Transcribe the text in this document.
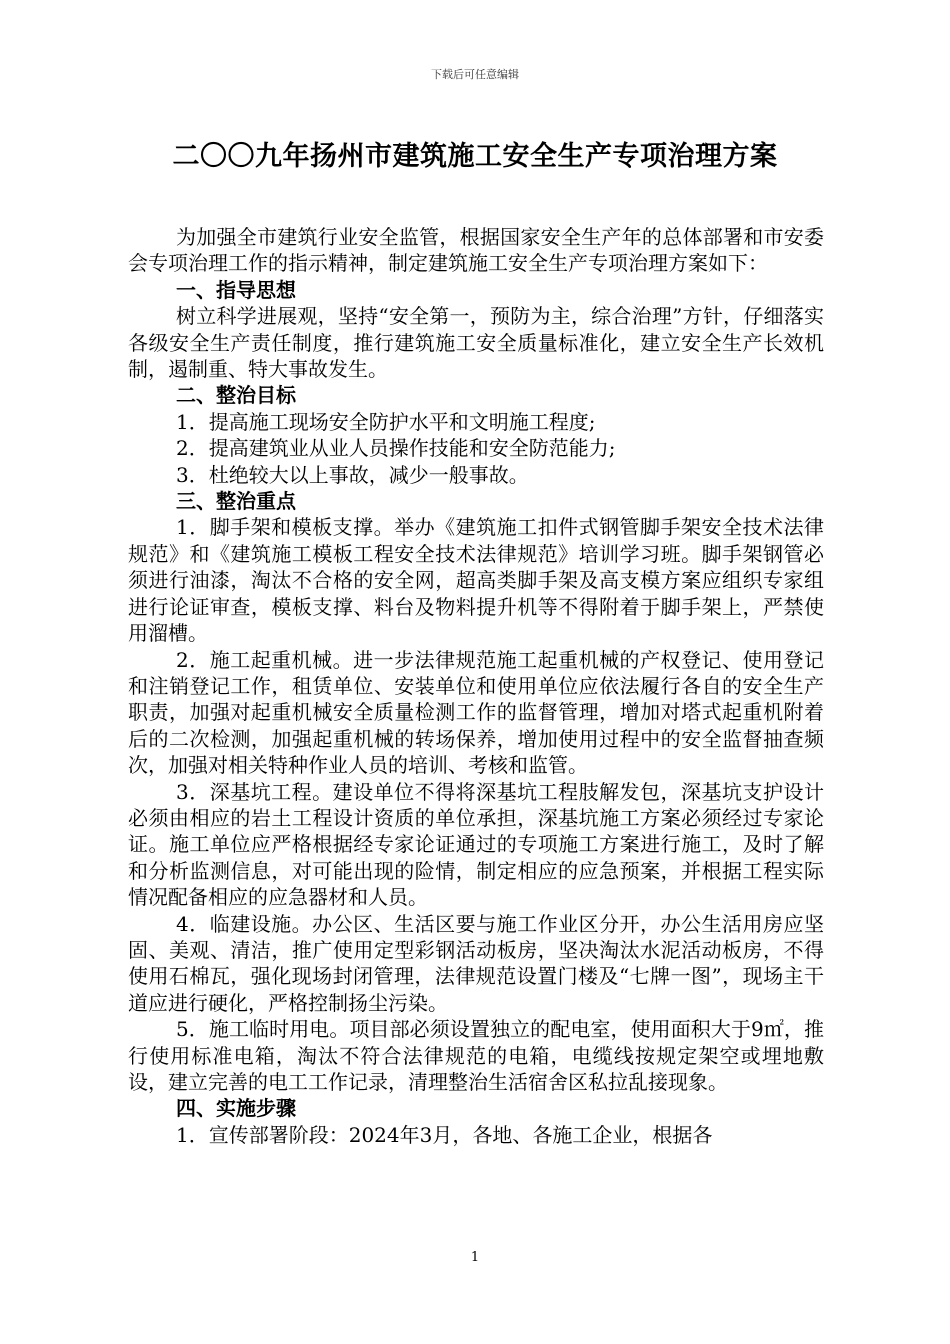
下载后可任意编辑
二〇〇九年扬州市建筑施工安全生产专项治理方案

为加强全市建筑行业安全监管，根据国家安全生产年的总体部署和市安委会专项治理工作的指示精神，制定建筑施工安全生产专项治理方案如下：

一、指导思想

树立科学进展观，坚持“安全第一，预防为主，综合治理”方针，仔细落实各级安全生产责任制度，推行建筑施工安全质量标准化，建立安全生产长效机制，遏制重、特大事故发生。

二、整治目标

1．提高施工现场安全防护水平和文明施工程度;

2．提高建筑业从业人员操作技能和安全防范能力;

3．杜绝较大以上事故，减少一般事故。

三、整治重点

1．脚手架和模板支撑。举办《建筑施工扣件式钢管脚手架安全技术法律规范》和《建筑施工模板工程安全技术法律规范》培训学习班。脚手架钢管必须进行油漆，淘汰不合格的安全网，超高类脚手架及高支模方案应组织专家组进行论证审查，模板支撑、料台及物料提升机等不得附着于脚手架上，严禁使用溜槽。

2．施工起重机械。进一步法律规范施工起重机械的产权登记、使用登记和注销登记工作，租赁单位、安装单位和使用单位应依法履行各自的安全生产职责，加强对起重机械安全质量检测工作的监督管理，增加对塔式起重机附着后的二次检测，加强起重机械的转场保养，增加使用过程中的安全监督抽查频次，加强对相关特种作业人员的培训、考核和监管。

3．深基坑工程。建设单位不得将深基坑工程肢解发包，深基坑支护设计必须由相应的岩土工程设计资质的单位承担，深基坑施工方案必须经过专家论证。施工单位应严格根据经专家论证通过的专项施工方案进行施工，及时了解和分析监测信息，对可能出现的险情，制定相应的应急预案，并根据工程实际情况配备相应的应急器材和人员。

4．临建设施。办公区、生活区要与施工作业区分开，办公生活用房应坚固、美观、清洁，推广使用定型彩钢活动板房，坚决淘汰水泥活动板房，不得使用石棉瓦，强化现场封闭管理，法律规范设置门楼及“七牌一图”，现场主干道应进行硬化，严格控制扬尘污染。

5．施工临时用电。项目部必须设置独立的配电室，使用面积大于9㎡，推行使用标准电箱，淘汰不符合法律规范的电箱，电缆线按规定架空或埋地敷设，建立完善的电工工作记录，清理整治生活宿舍区私拉乱接现象。

四、实施步骤

1．宣传部署阶段：2024年3月，各地、各施工企业，根据各

1
